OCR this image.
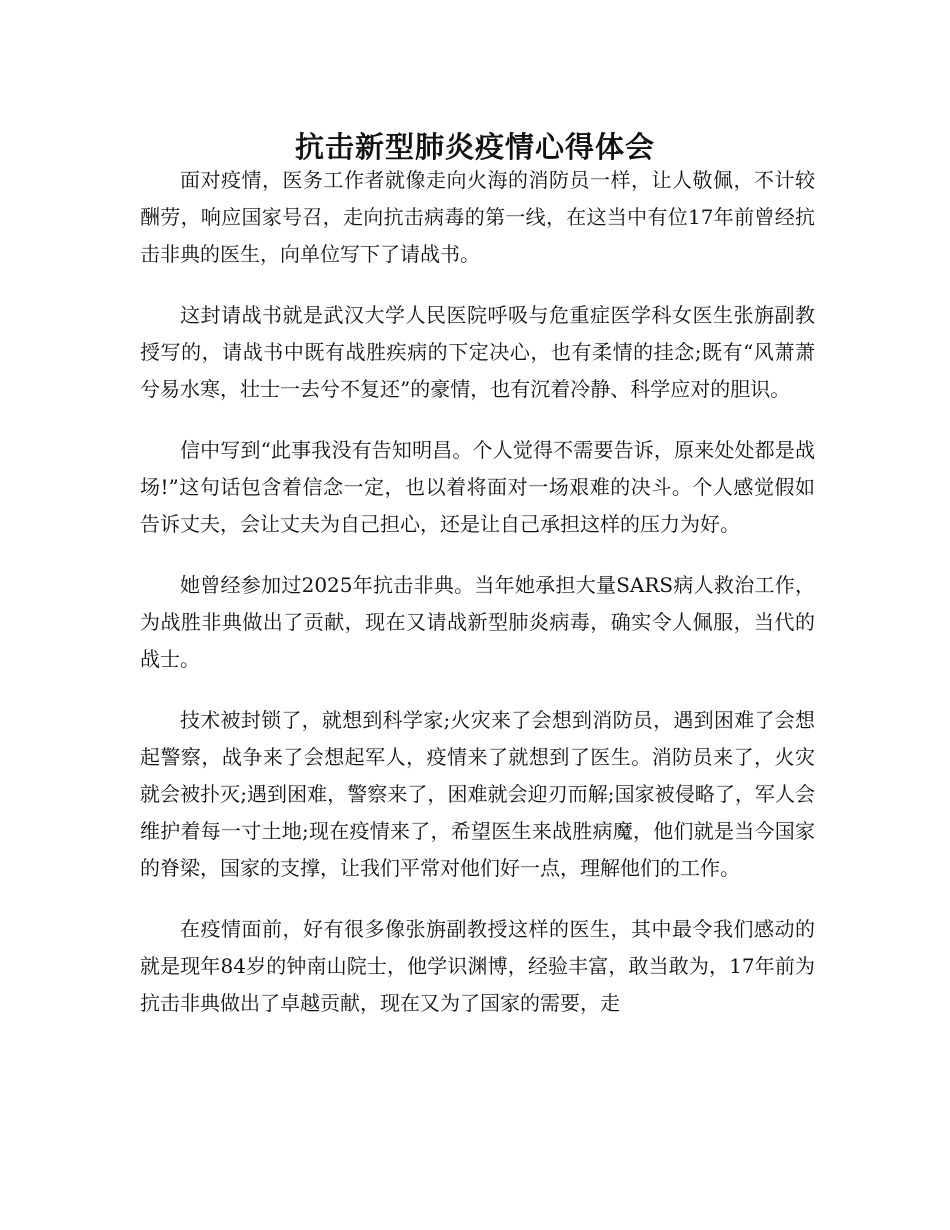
抗击新型肺炎疫情心得体会

面对疫情，医务工作者就像走向火海的消防员一样，让人敬佩，不计较酬劳，响应国家号召，走向抗击病毒的第一线，在这当中有位17年前曾经抗击非典的医生，向单位写下了请战书。

这封请战书就是武汉大学人民医院呼吸与危重症医学科女医生张旃副教授写的，请战书中既有战胜疾病的下定决心，也有柔情的挂念;既有“风萧萧兮易水寒，壮士一去兮不复还”的豪情，也有沉着冷静、科学应对的胆识。

信中写到“此事我没有告知明昌。个人觉得不需要告诉，原来处处都是战场!”这句话包含着信念一定，也以着将面对一场艰难的决斗。个人感觉假如告诉丈夫，会让丈夫为自己担心，还是让自己承担这样的压力为好。

她曾经参加过2025年抗击非典。当年她承担大量SARS病人救治工作，为战胜非典做出了贡献，现在又请战新型肺炎病毒，确实令人佩服，当代的战士。

技术被封锁了，就想到科学家;火灾来了会想到消防员，遇到困难了会想起警察，战争来了会想起军人，疫情来了就想到了医生。消防员来了，火灾就会被扑灭;遇到困难，警察来了，困难就会迎刃而解;国家被侵略了，军人会维护着每一寸土地;现在疫情来了，希望医生来战胜病魔，他们就是当今国家的脊梁，国家的支撑，让我们平常对他们好一点，理解他们的工作。

在疫情面前，好有很多像张旃副教授这样的医生，其中最令我们感动的就是现年84岁的钟南山院士，他学识渊博，经验丰富，敢当敢为，17年前为抗击非典做出了卓越贡献，现在又为了国家的需要，走
